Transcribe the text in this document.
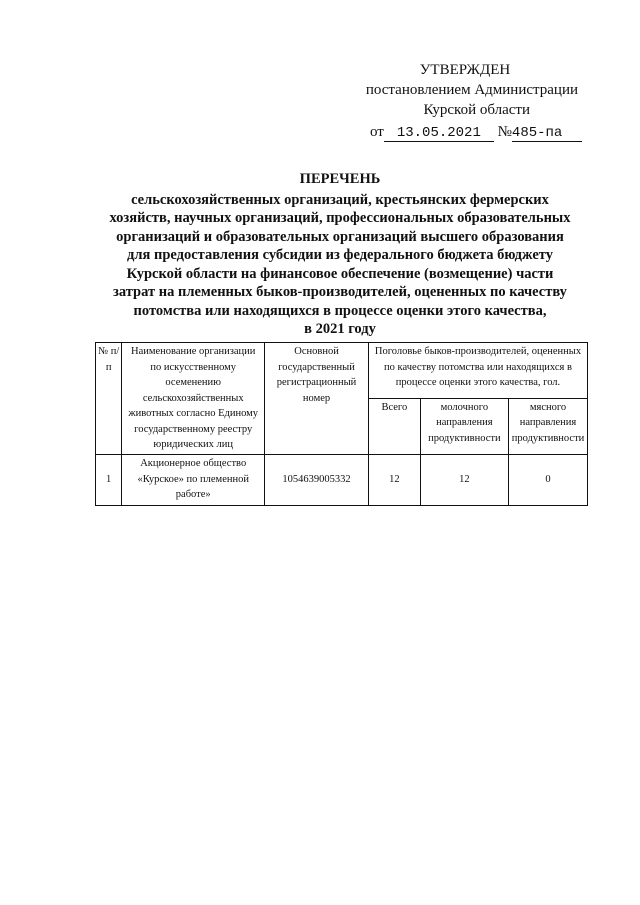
УТВЕРЖДЕН
постановлением Администрации
Курской области
от 13.05.2021 №485-па
ПЕРЕЧЕНЬ
сельскохозяйственных организаций, крестьянских фермерских
хозяйств, научных организаций, профессиональных образовательных
организаций и образовательных организаций высшего образования
для предоставления субсидии из федерального бюджета бюджету
Курской области на финансовое обеспечение (возмещение) части
затрат на племенных быков-производителей, оцененных по качеству
потомства или находящихся в процессе оценки этого качества,
в 2021 году
№ п/п	Наименование организации по искусственному осеменению сельскохозяйственных животных согласно Единому государственному реестру юридических лиц	Основной государственный регистрационный номер	Поголовье быков-производителей, оцененных по качеству потомства или находящихся в процессе оценки этого качества, гол.		
			Всего	молочного направления продуктивности	мясного направления продуктивности
1	Акционерное общество «Курское» по племенной работе»	1054639005332	12	12	0
